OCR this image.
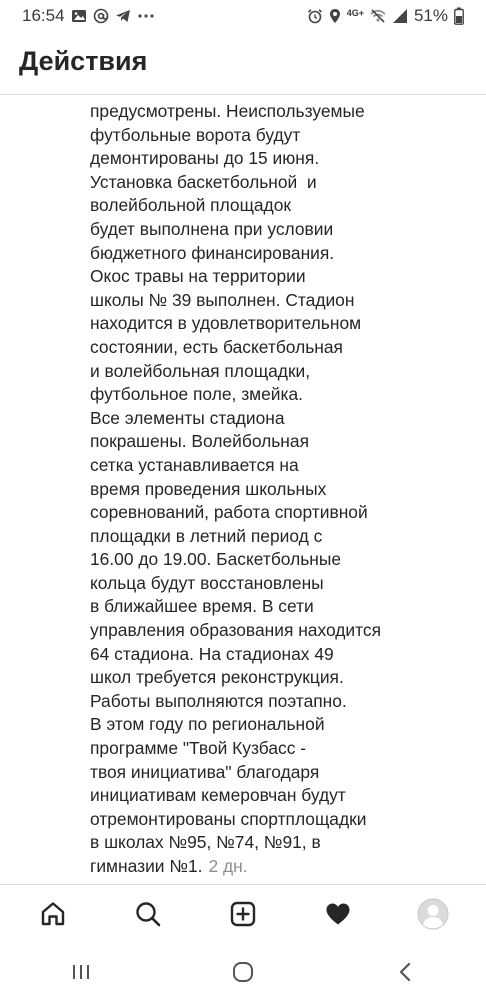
16:54	4G+	51%
Действия
предусмотрены. Неиспользуемые
футбольные ворота будут
демонтированы до 15 июня.
Установка баскетбольной  и
волейбольной площадок
будет выполнена при условии
бюджетного финансирования.
Окос травы на территории
школы № 39 выполнен. Стадион
находится в удовлетворительном
состоянии, есть баскетбольная
и волейбольная площадки,
футбольное поле, змейка.
Все элементы стадиона
покрашены. Волейбольная
сетка устанавливается на
время проведения школьных
соревнований, работа спортивной
площадки в летний период с
16.00 до 19.00. Баскетбольные
кольца будут восстановлены
в ближайшее время. В сети
управления образования находится
64 стадиона. На стадионах 49
школ требуется реконструкция.
Работы выполняются поэтапно.
В этом году по региональной
программе "Твой Кузбасс -
твоя инициатива" благодаря
инициативам кемеровчан будут
отремонтированы спортплощадки
в школах №95, №74, №91, в
гимназии №1. 2 дн.
